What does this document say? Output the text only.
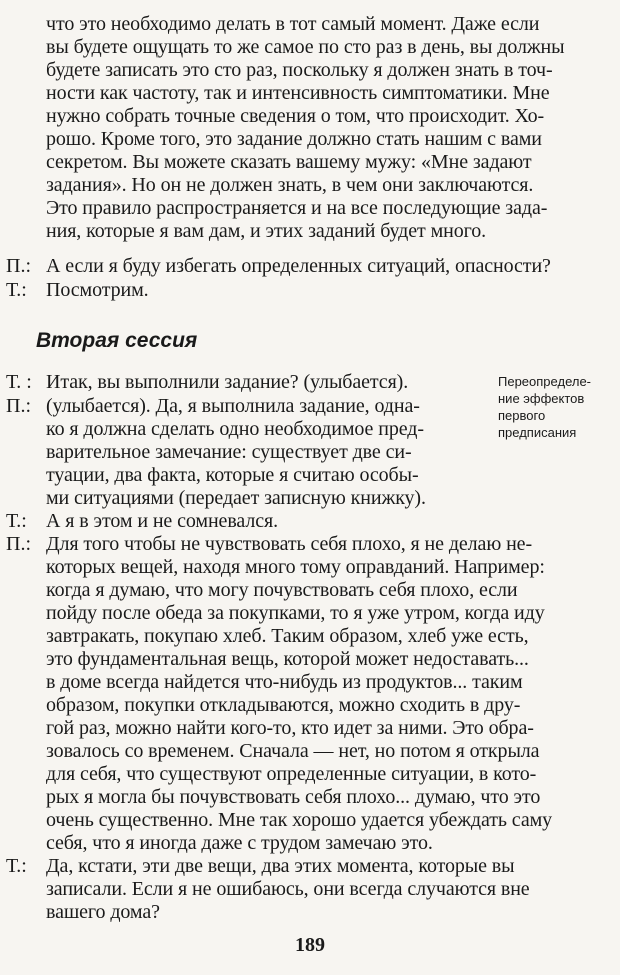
что это необходимо делать в тот самый момент. Даже если
вы будете ощущать то же самое по сто раз в день, вы должны
будете записать это сто раз, поскольку я должен знать в точ-
ности как частоту, так и интенсивность симптоматики. Мне
нужно собрать точные сведения о том, что происходит. Хо-
рошо. Кроме того, это задание должно стать нашим с вами
секретом. Вы можете сказать вашему мужу: «Мне задают
задания». Но он не должен знать, в чем они заключаются.
Это правило распространяется и на все последующие зада-
ния, которые я вам дам, и этих заданий будет много.
П.: А если я буду избегать определенных ситуаций, опасности?
Т.: Посмотрим.
Вторая сессия
Переопределе-
ние эффектов
первого
предписания
Т. : Итак, вы выполнили задание? (улыбается).
П.: (улыбается). Да, я выполнила задание, одна-
ко я должна сделать одно необходимое пред-
варительное замечание: существует две си-
туации, два факта, которые я считаю особы-
ми ситуациями (передает записную книжку).
Т.: А я в этом и не сомневался.
П.: Для того чтобы не чувствовать себя плохо, я не делаю не-
которых вещей, находя много тому оправданий. Например:
когда я думаю, что могу почувствовать себя плохо, если
пойду после обеда за покупками, то я уже утром, когда иду
завтракать, покупаю хлеб. Таким образом, хлеб уже есть,
это фундаментальная вещь, которой может недоставать...
в доме всегда найдется что-нибудь из продуктов... таким
образом, покупки откладываются, можно сходить в дру-
гой раз, можно найти кого-то, кто идет за ними. Это обра-
зовалось со временем. Сначала — нет, но потом я открыла
для себя, что существуют определенные ситуации, в кото-
рых я могла бы почувствовать себя плохо... думаю, что это
очень существенно. Мне так хорошо удается убеждать саму
себя, что я иногда даже с трудом замечаю это.
Т.: Да, кстати, эти две вещи, два этих момента, которые вы
записали. Если я не ошибаюсь, они всегда случаются вне
вашего дома?
189
